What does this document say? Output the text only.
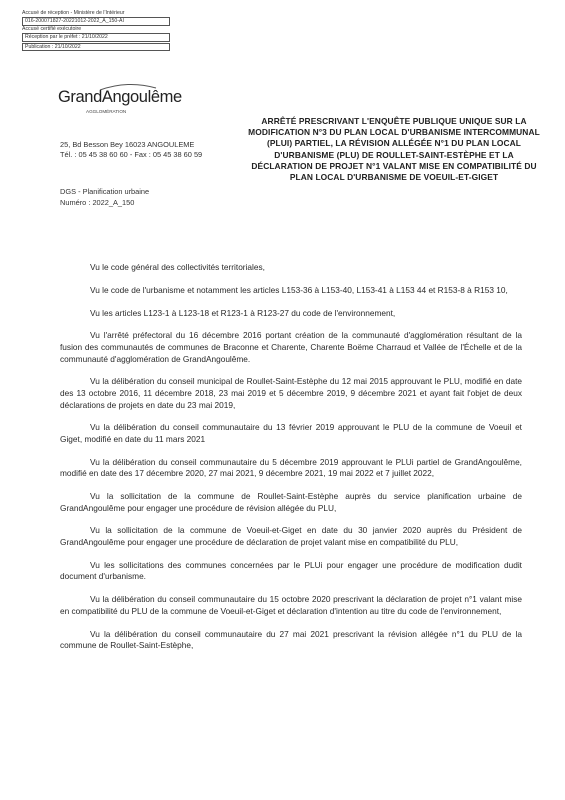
Accusé de réception - Ministère de l'Intérieur
016-200071827-20221012-2022_A_150-AI
Accusé certifié exécutoire
Réception par le préfet : 21/10/2022
Publication : 21/10/2022
GrandAngoulême
AGGLOMÉRATION
25, Bd Besson Bey 16023 ANGOULEME
Tél. : 05 45 38 60 60 - Fax : 05 45 38 60 59
DGS - Planification urbaine
Numéro : 2022_A_150
ARRÊTÉ PRESCRIVANT L'ENQUÊTE PUBLIQUE UNIQUE SUR LA MODIFICATION N°3 DU PLAN LOCAL D'URBANISME INTERCOMMUNAL (PLUI) PARTIEL, LA RÉVISION ALLÉGÉE N°1 DU PLAN LOCAL D'URBANISME (PLU) DE ROULLET-SAINT-ESTÈPHE ET LA DÉCLARATION DE PROJET N°1 VALANT MISE EN COMPATIBILITÉ DU PLAN LOCAL D'URBANISME DE VOEUIL-ET-GIGET

Vu le code général des collectivités territoriales,

Vu le code de l'urbanisme et notamment les articles L153-36 à L153-40, L153-41 à L153 44 et R153-8 à R153 10,

Vu les articles L123-1 à L123-18 et R123-1 à R123-27 du code de l'environnement,

Vu l'arrêté préfectoral du 16 décembre 2016 portant création de la communauté d'agglomération résultant de la fusion des communautés de communes de Braconne et Charente, Charente Boëme Charraud et Vallée de l'Échelle et de la communauté d'agglomération de GrandAngoulême.

Vu la délibération du conseil municipal de Roullet-Saint-Estèphe du 12 mai 2015 approuvant le PLU, modifié en date des 13 octobre 2016, 11 décembre 2018, 23 mai 2019 et 5 décembre 2019, 9 décembre 2021 et ayant fait l'objet de deux déclarations de projets en date du 23 mai 2019,

Vu la délibération du conseil communautaire du 13 février 2019 approuvant le PLU de la commune de Voeuil et Giget, modifié en date du 11 mars 2021

Vu la délibération du conseil communautaire du 5 décembre 2019 approuvant le PLUi partiel de GrandAngoulême, modifié en date des 17 décembre 2020, 27 mai 2021, 9 décembre 2021, 19 mai 2022 et 7 juillet 2022,

Vu la sollicitation de la commune de Roullet-Saint-Estèphe auprès du service planification urbaine de GrandAngoulême pour engager une procédure de révision allégée du PLU,

Vu la sollicitation de la commune de Voeuil-et-Giget en date du 30 janvier 2020 auprès du Président de GrandAngoulême pour engager une procédure de déclaration de projet valant mise en compatibilité du PLU,

Vu les sollicitations des communes concernées par le PLUi pour engager une procédure de modification dudit document d'urbanisme.

Vu la délibération du conseil communautaire du 15 octobre 2020 prescrivant la déclaration de projet n°1 valant mise en compatibilité du PLU de la commune de Voeuil-et-Giget et déclaration d'intention au titre du code de l'environnement,

Vu la délibération du conseil communautaire du 27 mai 2021 prescrivant la révision allégée n°1 du PLU de la commune de Roullet-Saint-Estèphe,
